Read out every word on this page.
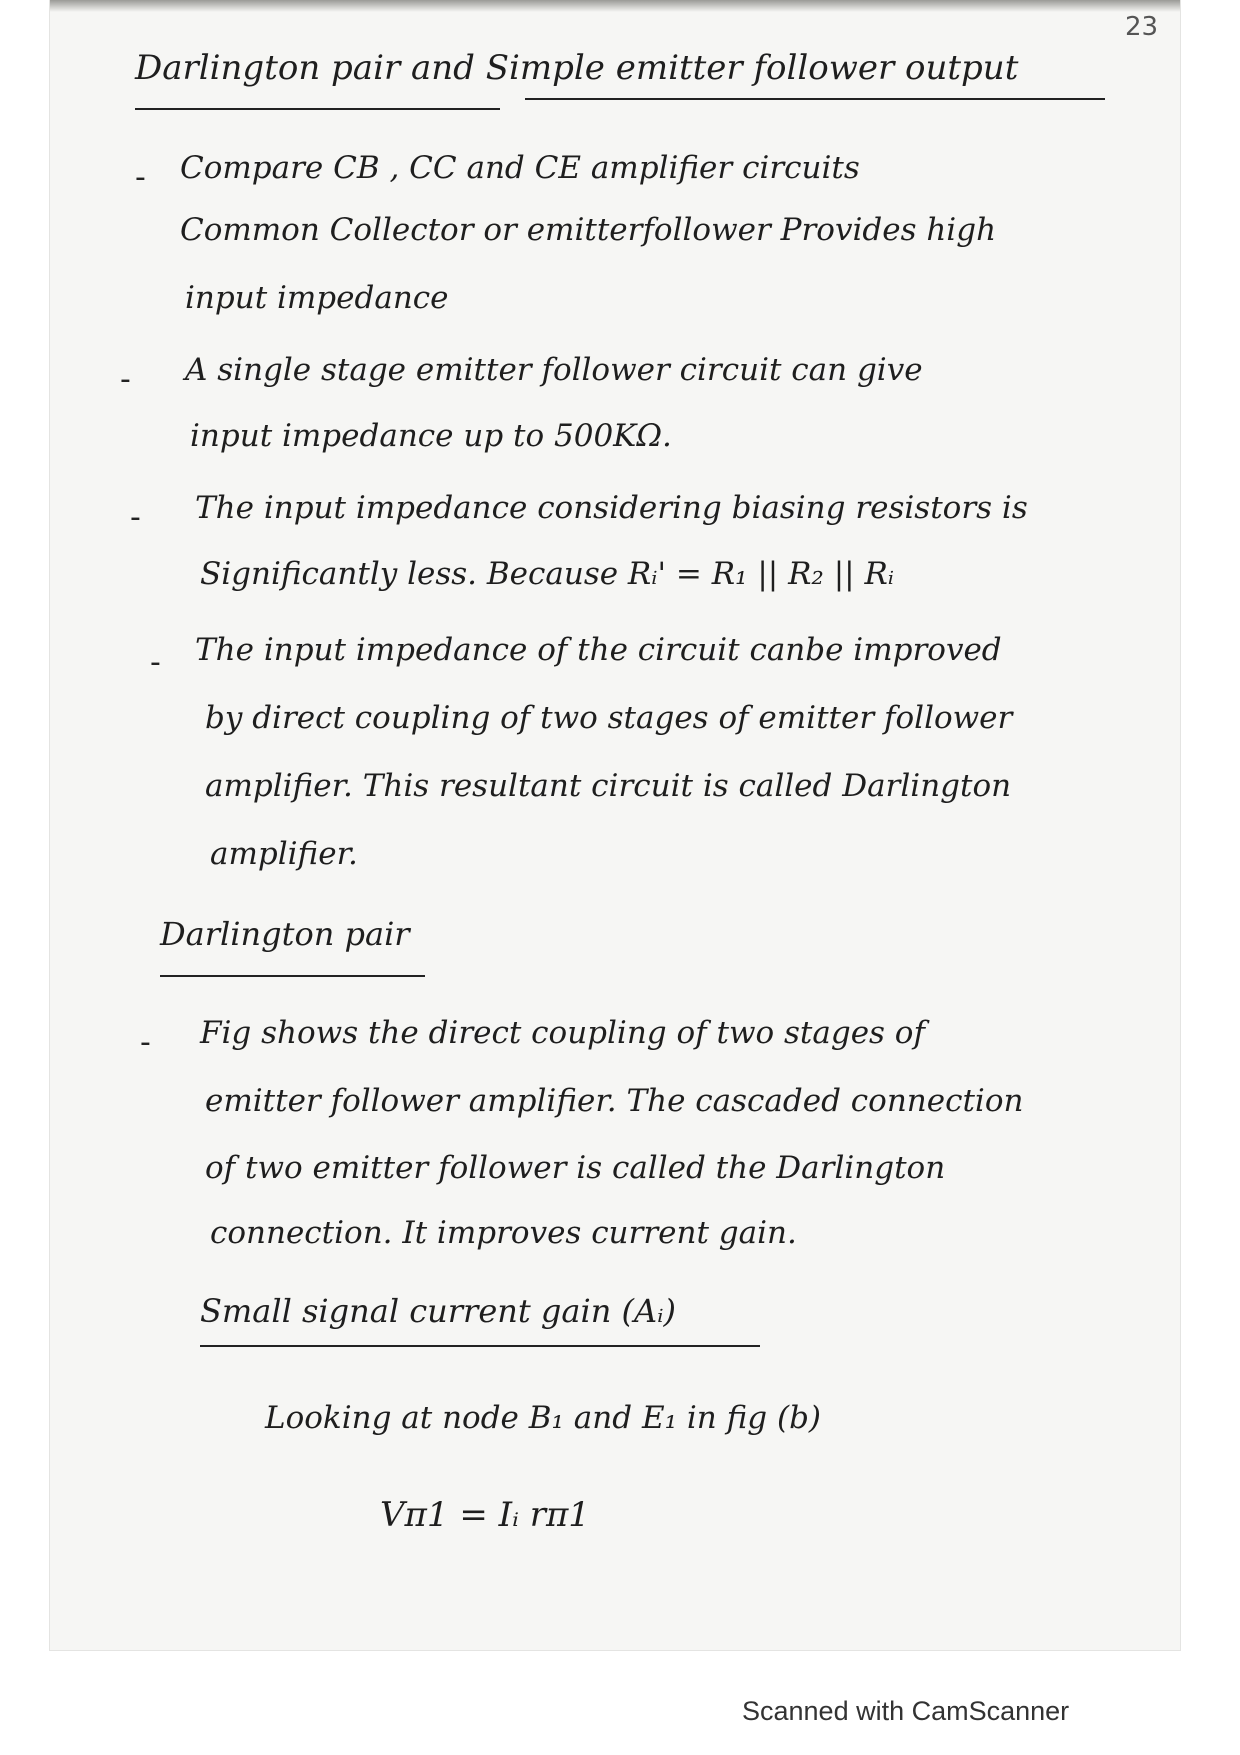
23
Darlington pair and Simple emitter follower output
- Compare CB , CC and CE amplifier circuits
Common Collector or emitterfollower Provides high
input impedance
- A single stage emitter follower circuit can give
input impedance up to 500KΩ.
- The input impedance considering biasing resistors is
Significantly less. Because Rᵢ' = R₁ || R₂ || Rᵢ
- The input impedance of the circuit canbe improved
by direct coupling of two stages of emitter follower
amplifier. This resultant circuit is called Darlington
amplifier.
Darlington pair
- Fig shows the direct coupling of two stages of
emitter follower amplifier. The cascaded connection
of two emitter follower is called the Darlington
connection. It improves current gain.
Small signal current gain (Aᵢ)
Looking at node B₁ and E₁ in fig (b)
Vπ1 = Iᵢ rπ1
Scanned with CamScanner
